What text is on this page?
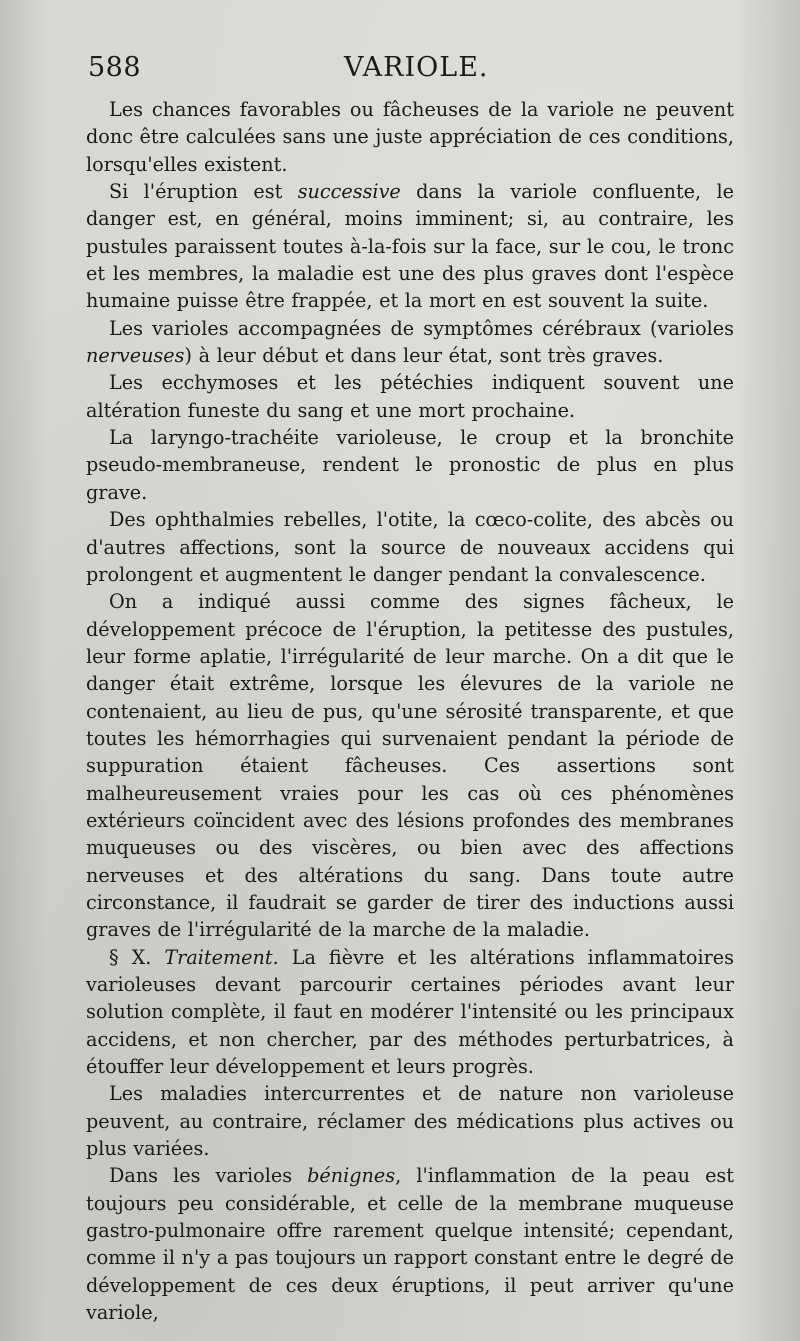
588	VARIOLE.

Les chances favorables ou fâcheuses de la variole ne peuvent donc être calculées sans une juste appréciation de ces conditions, lorsqu'elles existent.

Si l'éruption est successive dans la variole confluente, le danger est, en général, moins imminent; si, au contraire, les pustules paraissent toutes à-la-fois sur la face, sur le cou, le tronc et les membres, la maladie est une des plus graves dont l'espèce humaine puisse être frappée, et la mort en est souvent la suite.

Les varioles accompagnées de symptômes cérébraux (varioles nerveuses) à leur début et dans leur état, sont très graves.

Les ecchymoses et les pétéchies indiquent souvent une altération funeste du sang et une mort prochaine.

La laryngo-trachéite varioleuse, le croup et la bronchite pseudo-membraneuse, rendent le pronostic de plus en plus grave.

Des ophthalmies rebelles, l'otite, la cœco-colite, des abcès ou d'autres affections, sont la source de nouveaux accidens qui prolongent et augmentent le danger pendant la convalescence.

On a indiqué aussi comme des signes fâcheux, le développement précoce de l'éruption, la petitesse des pustules, leur forme aplatie, l'irrégularité de leur marche. On a dit que le danger était extrême, lorsque les élevures de la variole ne contenaient, au lieu de pus, qu'une sérosité transparente, et que toutes les hémorrhagies qui survenaient pendant la période de suppuration étaient fâcheuses. Ces assertions sont malheureusement vraies pour les cas où ces phénomènes extérieurs coïncident avec des lésions profondes des membranes muqueuses ou des viscères, ou bien avec des affections nerveuses et des altérations du sang. Dans toute autre circonstance, il faudrait se garder de tirer des inductions aussi graves de l'irrégularité de la marche de la maladie.

§ X. Traitement. La fièvre et les altérations inflammatoires varioleuses devant parcourir certaines périodes avant leur solution complète, il faut en modérer l'intensité ou les principaux accidens, et non chercher, par des méthodes perturbatrices, à étouffer leur développement et leurs progrès.

Les maladies intercurrentes et de nature non varioleuse peuvent, au contraire, réclamer des médications plus actives ou plus variées.

Dans les varioles bénignes, l'inflammation de la peau est toujours peu considérable, et celle de la membrane muqueuse gastro-pulmonaire offre rarement quelque intensité; cependant, comme il n'y a pas toujours un rapport constant entre le degré de développement de ces deux éruptions, il peut arriver qu'une variole,
